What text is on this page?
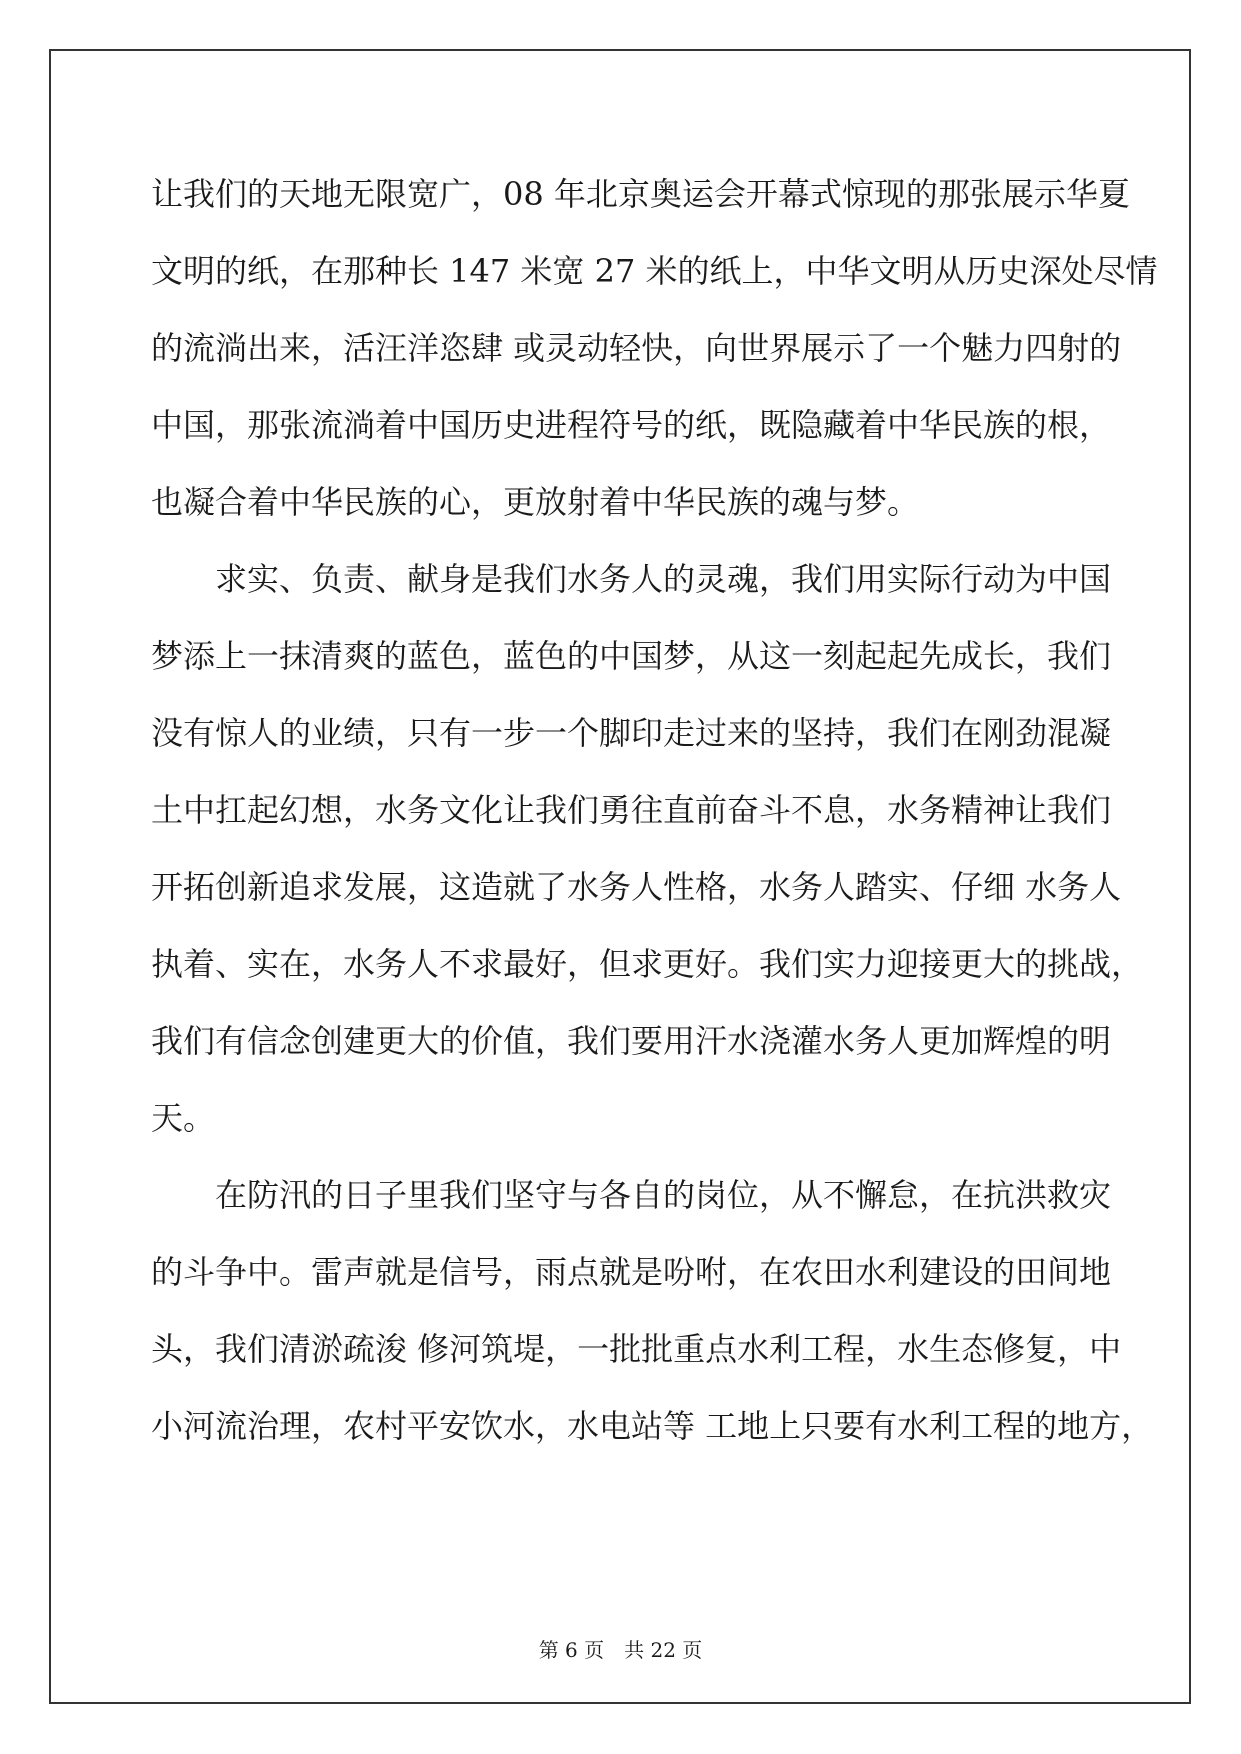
让我们的天地无限宽广，08 年北京奥运会开幕式惊现的那张展示华夏
文明的纸，在那种长 147 米宽 27 米的纸上，中华文明从历史深处尽情
的流淌出来，活汪洋恣肆 或灵动轻快，向世界展示了一个魅力四射的
中国，那张流淌着中国历史进程符号的纸，既隐藏着中华民族的根，
也凝合着中华民族的心，更放射着中华民族的魂与梦。
求实、负责、献身是我们水务人的灵魂，我们用实际行动为中国
梦添上一抹清爽的蓝色，蓝色的中国梦，从这一刻起起先成长，我们
没有惊人的业绩，只有一步一个脚印走过来的坚持，我们在刚劲混凝
土中扛起幻想，水务文化让我们勇往直前奋斗不息，水务精神让我们
开拓创新追求发展，这造就了水务人性格，水务人踏实、仔细 水务人
执着、实在，水务人不求最好，但求更好。我们实力迎接更大的挑战，
我们有信念创建更大的价值，我们要用汗水浇灌水务人更加辉煌的明
天。
在防汛的日子里我们坚守与各自的岗位，从不懈怠，在抗洪救灾
的斗争中。雷声就是信号，雨点就是吩咐，在农田水利建设的田间地
头，我们清淤疏浚 修河筑堤，一批批重点水利工程，水生态修复，中
小河流治理，农村平安饮水，水电站等 工地上只要有水利工程的地方，
第 6 页　共 22 页
